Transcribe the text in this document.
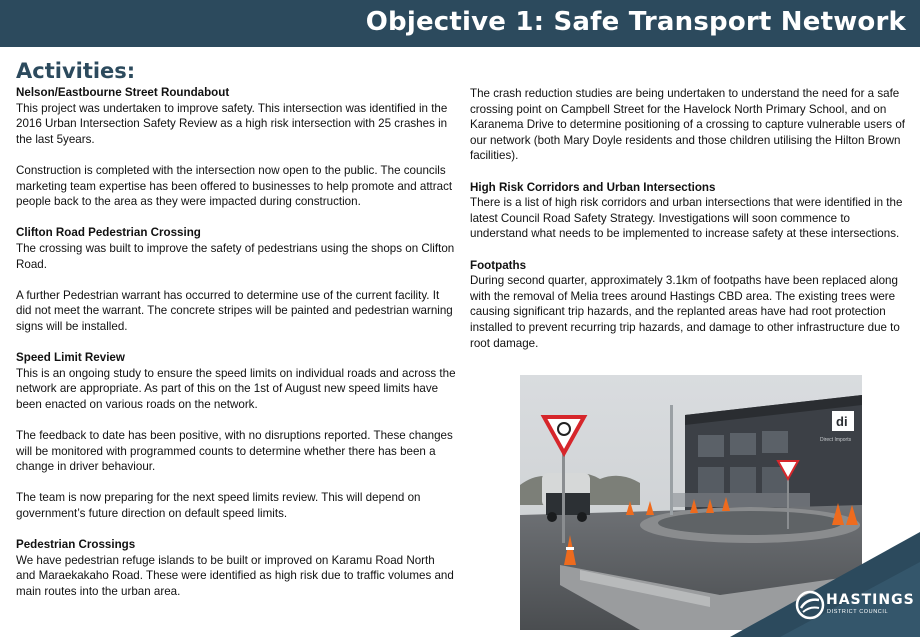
Objective 1: Safe Transport Network
Activities:

Nelson/Eastbourne Street Roundabout

This project was undertaken to improve safety. This intersection was identified in the 2016 Urban Intersection Safety Review as a high risk intersection with 25 crashes in the last 5years.

Construction is completed with the intersection now open to the public. The councils marketing team expertise has been offered to businesses to help promote and attract people back to the area as they were impacted during construction.

Clifton Road Pedestrian Crossing

The crossing was built to improve the safety of pedestrians using the shops on Clifton Road.

A further Pedestrian warrant has occurred to determine use of the current facility. It did not meet the warrant. The concrete stripes will be painted and pedestrian warning signs will be installed.

Speed Limit Review

This is an ongoing study to ensure the speed limits on individual roads and across the network are appropriate. As part of this on the 1st of August new speed limits have been enacted on various roads on the network.

The feedback to date has been positive, with no disruptions reported. These changes will be monitored with programmed counts to determine whether there has been a change in driver behaviour.

The team is now preparing for the next speed limits review. This will depend on government’s future direction on default speed limits.

Pedestrian Crossings

We have pedestrian refuge islands to be built or improved on Karamu Road North and Maraekakaho Road. These were identified as high risk due to traffic volumes and main routes into the urban area.

The crash reduction studies are being undertaken to understand the need for a safe crossing point on Campbell Street for the Havelock North Primary School, and on Karanema Drive to determine positioning of a crossing to capture vulnerable users of our network (both Mary Doyle residents and those children utilising the Hilton Brown facilities).

High Risk Corridors and Urban Intersections

There is a list of high risk corridors and urban intersections that were identified in the latest Council Road Safety Strategy. Investigations will soon commence to understand what needs to be implemented to increase safety at these intersections.

Footpaths

During second quarter, approximately 3.1km of footpaths have been replaced along with the removal of Melia trees around Hastings CBD area. The existing trees were causing significant trip hazards, and the replanted areas have had root protection installed to prevent recurring trip hazards, and damage to other infrastructure due to root damage.

di
Direct Imports
HASTINGS
DISTRICT COUNCIL
